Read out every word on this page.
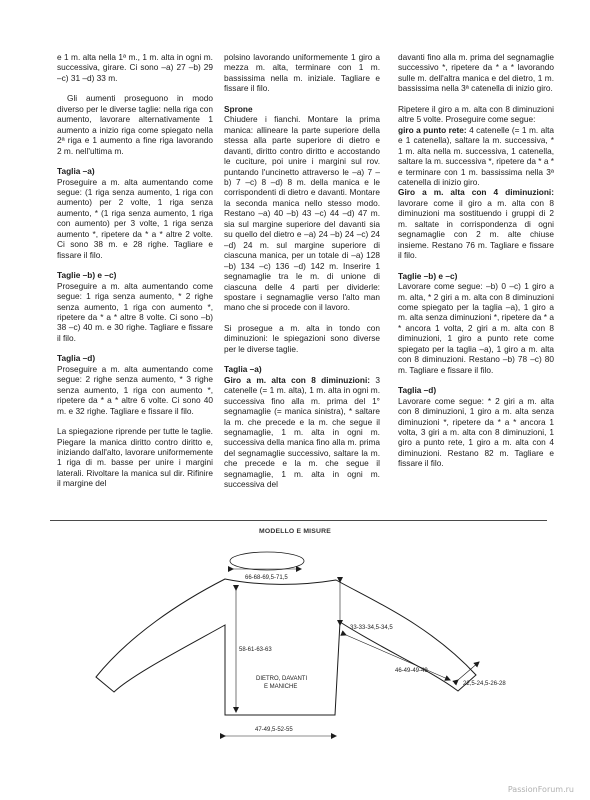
e 1 m. alta nella 1ª m., 1 m. alta in ogni m. successiva, girare. Ci sono –a) 27 –b) 29 –c) 31 –d) 33 m.

Gli aumenti proseguono in modo diverso per le diverse taglie: nella riga con aumento, lavorare alternativamente 1 aumento a inizio riga come spiegato nella 2ª riga e 1 aumento a fine riga lavorando 2 m. nell'ultima m.

Taglia –a)

Proseguire a m. alta aumentando come segue: (1 riga senza aumento, 1 riga con aumento) per 2 volte, 1 riga senza aumento, * (1 riga senza aumento, 1 riga con aumento) per 3 volte, 1 riga senza aumento *, ripetere da * a * altre 2 volte. Ci sono 38 m. e 28 righe. Tagliare e fissare il filo.

Taglie –b) e –c)

Proseguire a m. alta aumentando come segue: 1 riga senza aumento, * 2 righe senza aumento, 1 riga con aumento *, ripetere da * a * altre 8 volte. Ci sono –b) 38 –c) 40 m. e 30 righe. Tagliare e fissare il filo.

Taglia –d)

Proseguire a m. alta aumentando come segue: 2 righe senza aumento, * 3 righe senza aumento, 1 riga con aumento *, ripetere da * a * altre 6 volte. Ci sono 40 m. e 32 righe. Tagliare e fissare il filo.

La spiegazione riprende per tutte le taglie. Piegare la manica diritto contro diritto e, iniziando dall'alto, lavorare uniformemente 1 riga di m. basse per unire i margini laterali. Rivoltare la manica sul dir. Rifinire il margine del

polsino lavorando uniformemente 1 giro a mezza m. alta, terminare con 1 m. bassissima nella m. iniziale. Tagliare e fissare il filo.

Sprone

Chiudere i fianchi. Montare la prima manica: allineare la parte superiore della stessa alla parte superiore di dietro e davanti, diritto contro diritto e accostando le cuciture, poi unire i margini sul rov. puntando l'uncinetto attraverso le –a) 7 –b) 7 –c) 8 –d) 8 m. della manica e le corrispondenti di dietro e davanti. Montare la seconda manica nello stesso modo. Restano –a) 40 –b) 43 –c) 44 –d) 47 m. sia sul margine superiore del davanti sia su quello del dietro e –a) 24 –b) 24 –c) 24 –d) 24 m. sul margine superiore di ciascuna manica, per un totale di –a) 128 –b) 134 –c) 136 –d) 142 m. Inserire 1 segnamaglie tra le m. di unione di ciascuna delle 4 parti per dividerle: spostare i segnamaglie verso l'alto man mano che si procede con il lavoro.

Si prosegue a m. alta in tondo con diminuzioni: le spiegazioni sono diverse per le diverse taglie.

Taglia –a)

Giro a m. alta con 8 diminuzioni: 3 catenelle (= 1 m. alta), 1 m. alta in ogni m. successiva fino alla m. prima del 1° segnamaglie (= manica sinistra), * saltare la m. che precede e la m. che segue il segnamaglie, 1 m. alta in ogni m. successiva della manica fino alla m. prima del segnamaglie successivo, saltare la m. che precede e la m. che segue il segnamaglie, 1 m. alta in ogni m. successiva del

davanti fino alla m. prima del segnamaglie successivo *, ripetere da * a * lavorando sulle m. dell'altra manica e del dietro, 1 m. bassissima nella 3ª catenella di inizio giro.

Ripetere il giro a m. alta con 8 diminuzioni altre 5 volte. Proseguire come segue:

giro a punto rete: 4 catenelle (= 1 m. alta e 1 catenella), saltare la m. successiva, * 1 m. alta nella m. successiva, 1 catenella, saltare la m. successiva *, ripetere da * a * e terminare con 1 m. bassissima nella 3ª catenella di inizio giro.

Giro a m. alta con 4 diminuzioni: lavorare come il giro a m. alta con 8 diminuzioni ma sostituendo i gruppi di 2 m. saltate in corrispondenza di ogni segnamaglie con 2 m. alte chiuse insieme. Restano 76 m. Tagliare e fissare il filo.

Taglie –b) e –c)

Lavorare come segue: –b) 0 –c) 1 giro a m. alta, * 2 giri a m. alta con 8 diminuzioni come spiegato per la taglia –a), 1 giro a m. alta senza diminuzioni *, ripetere da * a * ancora 1 volta, 2 giri a m. alta con 8 diminuzioni, 1 giro a punto rete come spiegato per la taglia –a), 1 giro a m. alta con 8 diminuzioni. Restano –b) 78 –c) 80 m. Tagliare e fissare il filo.

Taglia –d)

Lavorare come segue: * 2 giri a m. alta con 8 diminuzioni, 1 giro a m. alta senza diminuzioni *, ripetere da * a * ancora 1 volta, 3 giri a m. alta con 8 diminuzioni, 1 giro a punto rete, 1 giro a m. alta con 4 diminuzioni. Restano 82 m. Tagliare e fissare il filo.

MODELLO E MISURE
66-68-69,5-71,5
58-61-63-63
33-33-34,5-34,5
46-49-49-49
22,5-24,5-26-28
DIETRO, DAVANTI
E MANICHE
47-49,5-52-55
PassionForum.ru
